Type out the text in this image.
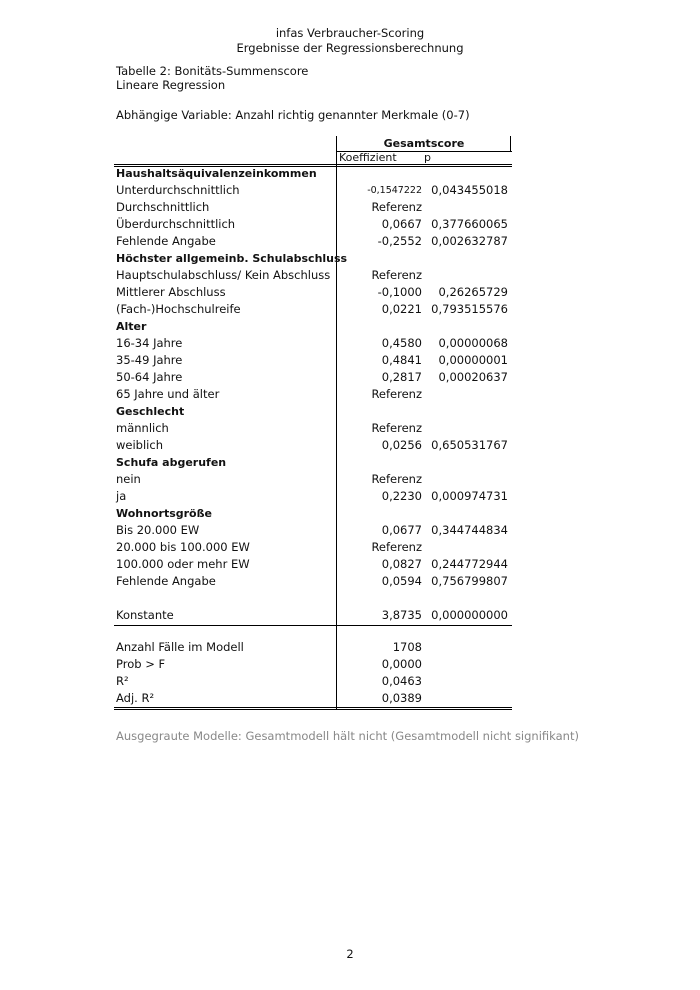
infas Verbraucher-Scoring
Ergebnisse der Regressionsberechnung
Tabelle 2: Bonitäts-Summenscore
Lineare Regression
Abhängige Variable: Anzahl richtig genannter Merkmale (0-7)
Gesamtscore
Koeffizient p
Haushaltsäquivalenzeinkommen
Unterdurchschnittlich	-0,1547222 0,043455018
Durchschnittlich	Referenz
Überdurchschnittlich	0,0667 0,377660065
Fehlende Angabe	-0,2552 0,002632787
Höchster allgemeinb. Schulabschluss
Hauptschulabschluss/ Kein Abschluss	Referenz
Mittlerer Abschluss	-0,1000 0,26265729
(Fach-)Hochschulreife	0,0221 0,793515576
Alter
16-34 Jahre	0,4580 0,00000068
35-49 Jahre	0,4841 0,00000001
50-64 Jahre	0,2817 0,00020637
65 Jahre und älter	Referenz
Geschlecht
männlich	Referenz
weiblich	0,0256 0,650531767
Schufa abgerufen
nein	Referenz
ja	0,2230 0,000974731
Wohnortsgröße
Bis 20.000 EW	0,0677 0,344744834
20.000 bis 100.000 EW	Referenz
100.000 oder mehr EW	0,0827 0,244772944
Fehlende Angabe	0,0594 0,756799807
Konstante	3,8735 0,000000000
Anzahl Fälle im Modell	1708
Prob > F	0,0000
R²	0,0463
Adj. R²	0,0389
Ausgegraute Modelle: Gesamtmodell hält nicht (Gesamtmodell nicht signifikant)
2
